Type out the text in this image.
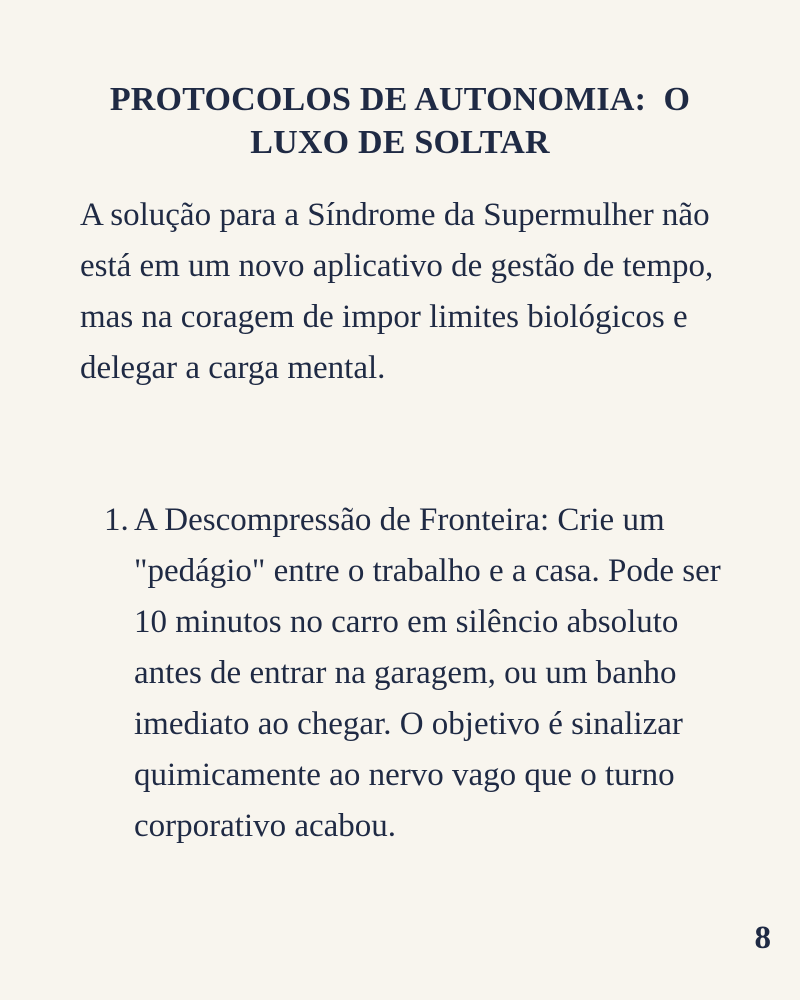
PROTOCOLOS DE AUTONOMIA:  O LUXO DE SOLTAR

A solução para a Síndrome da Supermulher não está em um novo aplicativo de gestão de tempo, mas na coragem de impor limites biológicos e delegar a carga mental.

1. A Descompressão de Fronteira: Crie um "pedágio" entre o trabalho e a casa. Pode ser 10 minutos no carro em silêncio absoluto antes de entrar na garagem, ou um banho imediato ao chegar. O objetivo é sinalizar quimicamente ao nervo vago que o turno corporativo acabou.
8
